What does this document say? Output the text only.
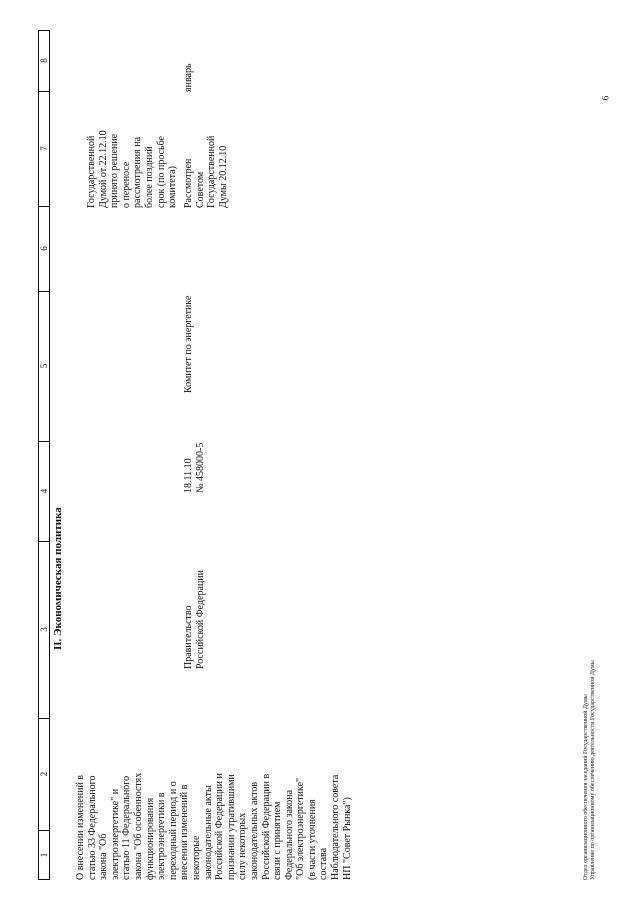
1
2
3
4
5
6
7
8
II. Экономическая политика
Отдел организационного обеспечения заседаний Государственной Думы Управление по организационному обеспечению деятельности Государственной Думы
6
О внесении изменений в
статью 33 Федерального
закона "Об
электроэнергетике" и
статью 11 Федерального
закона "Об особенностях
функционирования
электроэнергетики в
переходный период и о
внесении изменений в
некоторые
законодательные акты
Российской Федерации и
признании утратившими
силу некоторых
законодательных актов
Российской Федерации в
связи с принятием
Федерального закона
"Об электроэнергетике"
(в части уточнения
состава
Наблюдательного совета
НП "Совет Рынка")
Правительство
Российской Федерации
18.11.10
№ 458000-5
Комитет по энергетике
Государственной
Думой от 22.12.10
принято решение
о переносе
рассмотрения на
более поздний
срок (по просьбе
комитета) Рассмотрен
Советом
Государственной
Думы 20.12.10
январь
